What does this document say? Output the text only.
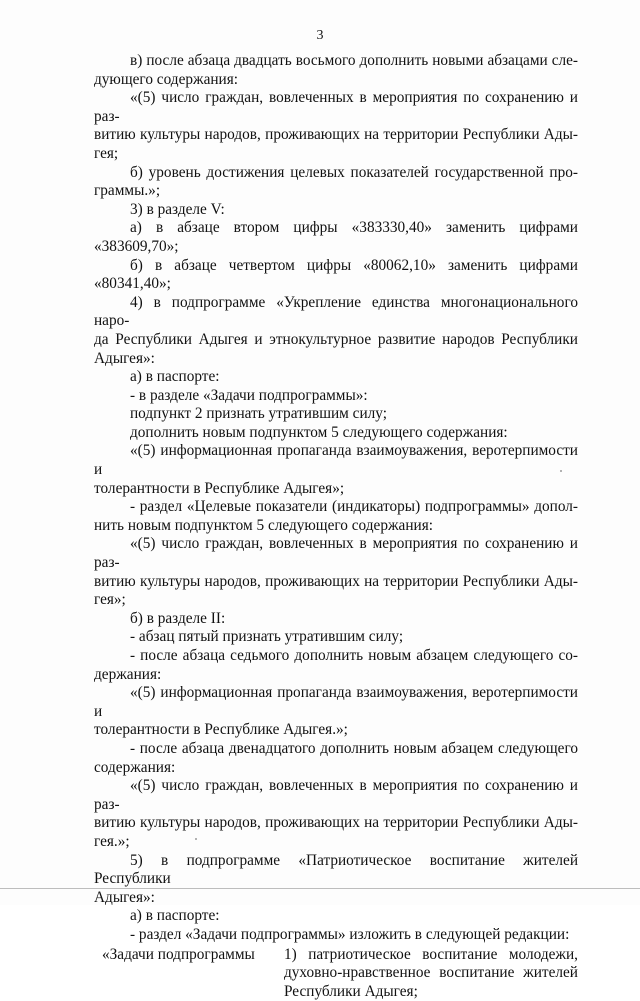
3

в) после абзаца двадцать восьмого дополнить новыми абзацами сле-
дующего содержания:

«(5) число граждан, вовлеченных в мероприятия по сохранению и раз-
витию культуры народов, проживающих на территории Республики Ады-
гея;

б) уровень достижения целевых показателей государственной про-
граммы.»;

3) в разделе V:

а) в абзаце втором цифры «383330,40» заменить цифрами
«383609,70»;

б) в абзаце четвертом цифры «80062,10» заменить цифрами
«80341,40»;

4) в подпрограмме «Укрепление единства многонационального наро-
да Республики Адыгея и этнокультурное развитие народов Республики
Адыгея»:

а) в паспорте:

- в разделе «Задачи подпрограммы»:

подпункт 2 признать утратившим силу;

дополнить новым подпунктом 5 следующего содержания:

«(5) информационная пропаганда взаимоуважения, веротерпимости и
толерантности в Республике Адыгея»;

- раздел «Целевые показатели (индикаторы) подпрограммы» допол-
нить новым подпунктом 5 следующего содержания:

«(5) число граждан, вовлеченных в мероприятия по сохранению и раз-
витию культуры народов, проживающих на территории Республики Ады-
гея»;

б) в разделе II:

- абзац пятый признать утратившим силу;

- после абзаца седьмого дополнить новым абзацем следующего со-
держания:

«(5) информационная пропаганда взаимоуважения, веротерпимости и
толерантности в Республике Адыгея.»;

- после абзаца двенадцатого дополнить новым абзацем следующего
содержания:

«(5) число граждан, вовлеченных в мероприятия по сохранению и раз-
витию культуры народов, проживающих на территории Республики Ады-
гея.»;

5) в подпрограмме «Патриотическое воспитание жителей Республики
Адыгея»:

а) в паспорте:

- раздел «Задачи подпрограммы» изложить в следующей редакции:

«Задачи подпрограммы	1) патриотическое воспитание молодежи,
духовно-нравственное воспитание жителей
Республики Адыгея;
